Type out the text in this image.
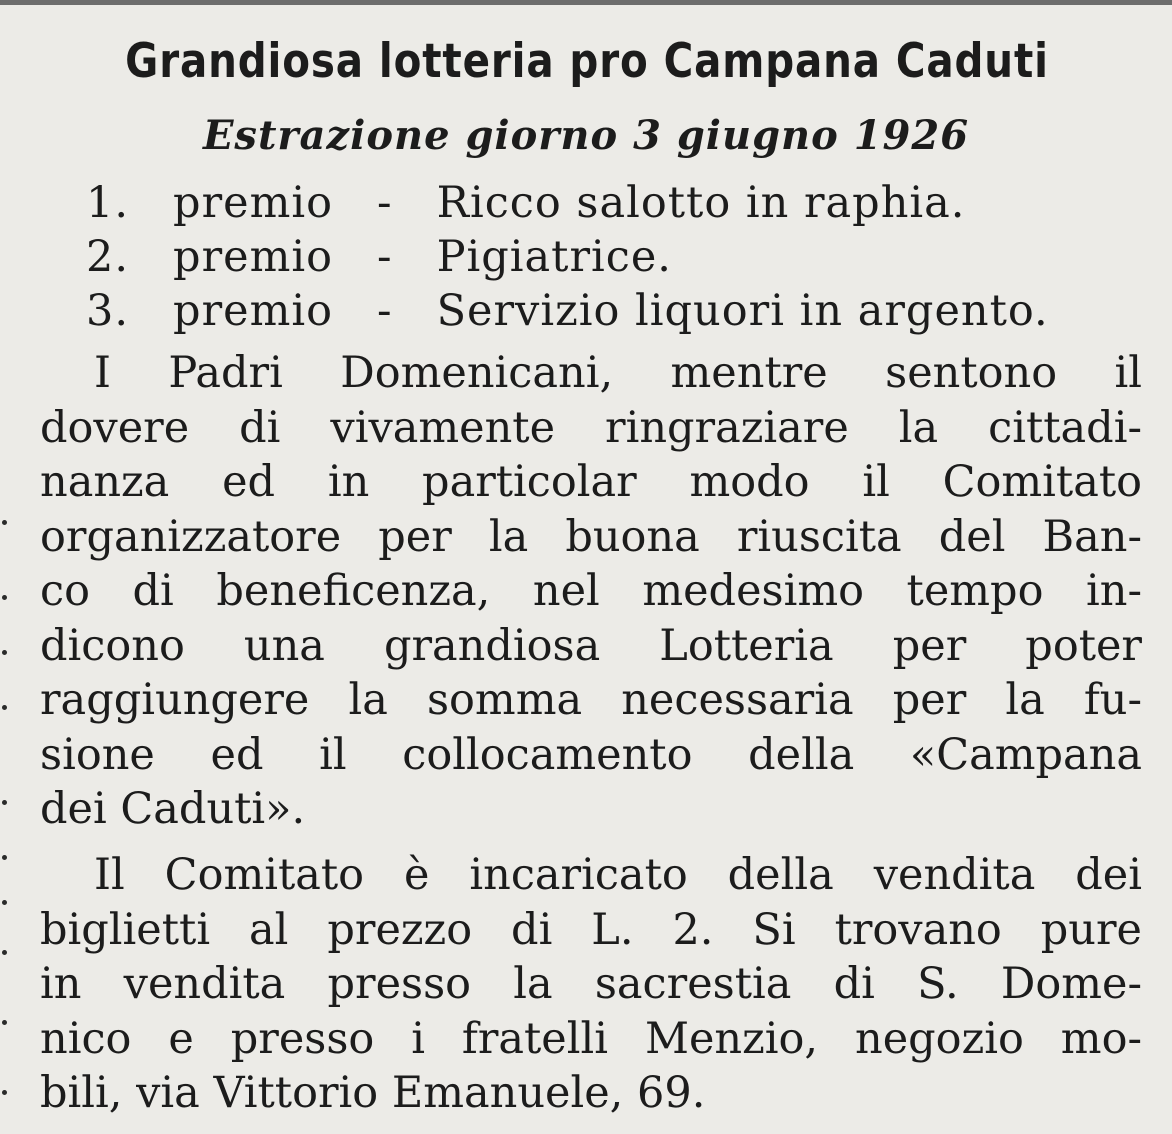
Grandiosa lotteria pro Campana Caduti
Estrazione giorno 3 giugno 1926
1. premio - Ricco salotto in raphia.
2. premio - Pigiatrice.
3. premio - Servizio liquori in argento.
I Padri Domenicani, mentre sentono il
dovere di vivamente ringraziare la cittadi-
nanza ed in particolar modo il Comitato
organizzatore per la buona riuscita del Ban-
co di beneficenza, nel medesimo tempo in-
dicono una grandiosa Lotteria per poter
raggiungere la somma necessaria per la fu-
sione ed il collocamento della «Campana
dei Caduti».
Il Comitato è incaricato della vendita dei
biglietti al prezzo di L. 2. Si trovano pure
in vendita presso la sacrestia di S. Dome-
nico e presso i fratelli Menzio, negozio mo-
bili, via Vittorio Emanuele, 69.
